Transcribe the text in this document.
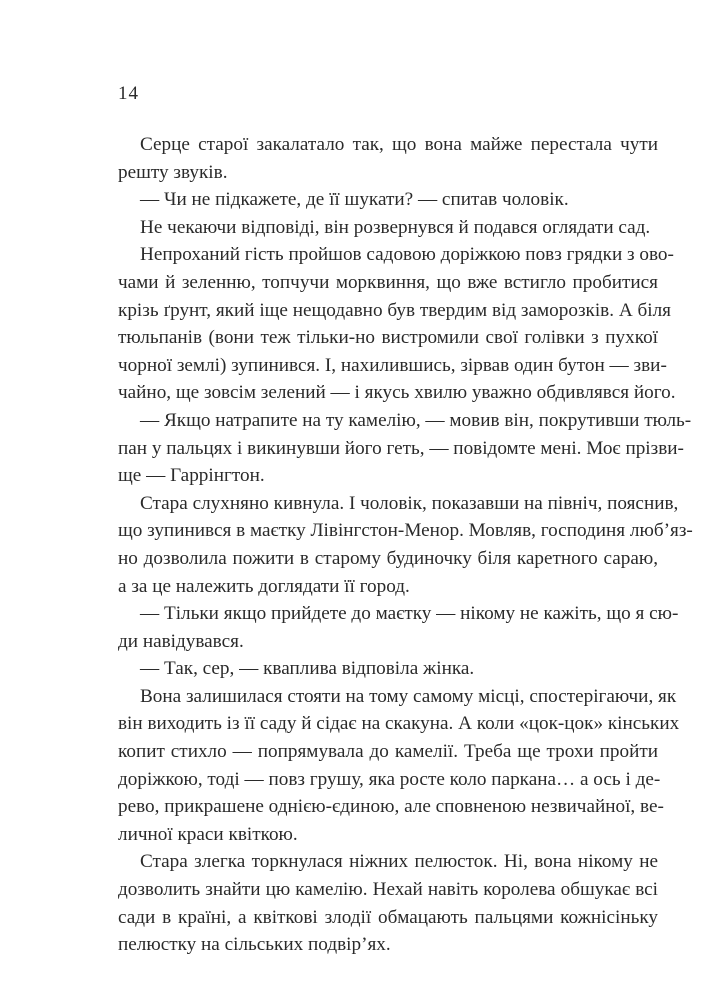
14
Серце старої закалатало так, що вона майже перестала чути
решту звуків.
— Чи не підкажете, де її шукати? — спитав чоловік.
Не чекаючи відповіді, він розвернувся й подався оглядати сад.
Непроханий гість пройшов садовою доріжкою повз грядки з ово-
чами й зеленню, топчучи морквиння, що вже встигло пробитися
крізь ґрунт, який іще нещодавно був твердим від заморозків. А біля
тюльпанів (вони теж тільки-но вистромили свої голівки з пухкої
чорної землі) зупинився. І, нахилившись, зірвав один бутон — зви-
чайно, ще зовсім зелений — і якусь хвилю уважно обдивлявся його.
— Якщо натрапите на ту камелію, — мовив він, покрутивши тюль-
пан у пальцях і викинувши його геть, — повідомте мені. Моє прізви-
ще — Гаррінгтон.
Стара слухняно кивнула. І чоловік, показавши на північ, пояснив,
що зупинився в маєтку Лівінгстон-Менор. Мовляв, господиня люб’яз-
но дозволила пожити в старому будиночку біля каретного сараю,
а за це належить доглядати її город.
— Тільки якщо прийдете до маєтку — нікому не кажіть, що я сю-
ди навідувався.
— Так, сер, — кваплива відповіла жінка.
Вона залишилася стояти на тому самому місці, спостерігаючи, як
він виходить із її саду й сідає на скакуна. А коли «цок-цок» кінських
копит стихло — попрямувала до камелії. Треба ще трохи пройти
доріжкою, тоді — повз грушу, яка росте коло паркана… а ось і де-
рево, прикрашене однією-єдиною, але сповненою незвичайної, ве-
личної краси квіткою.
Стара злегка торкнулася ніжних пелюсток. Ні, вона нікому не
дозволить знайти цю камелію. Нехай навіть королева обшукає всі
сади в країні, а квіткові злодії обмацають пальцями кожнісіньку
пелюстку на сільських подвір’ях.
